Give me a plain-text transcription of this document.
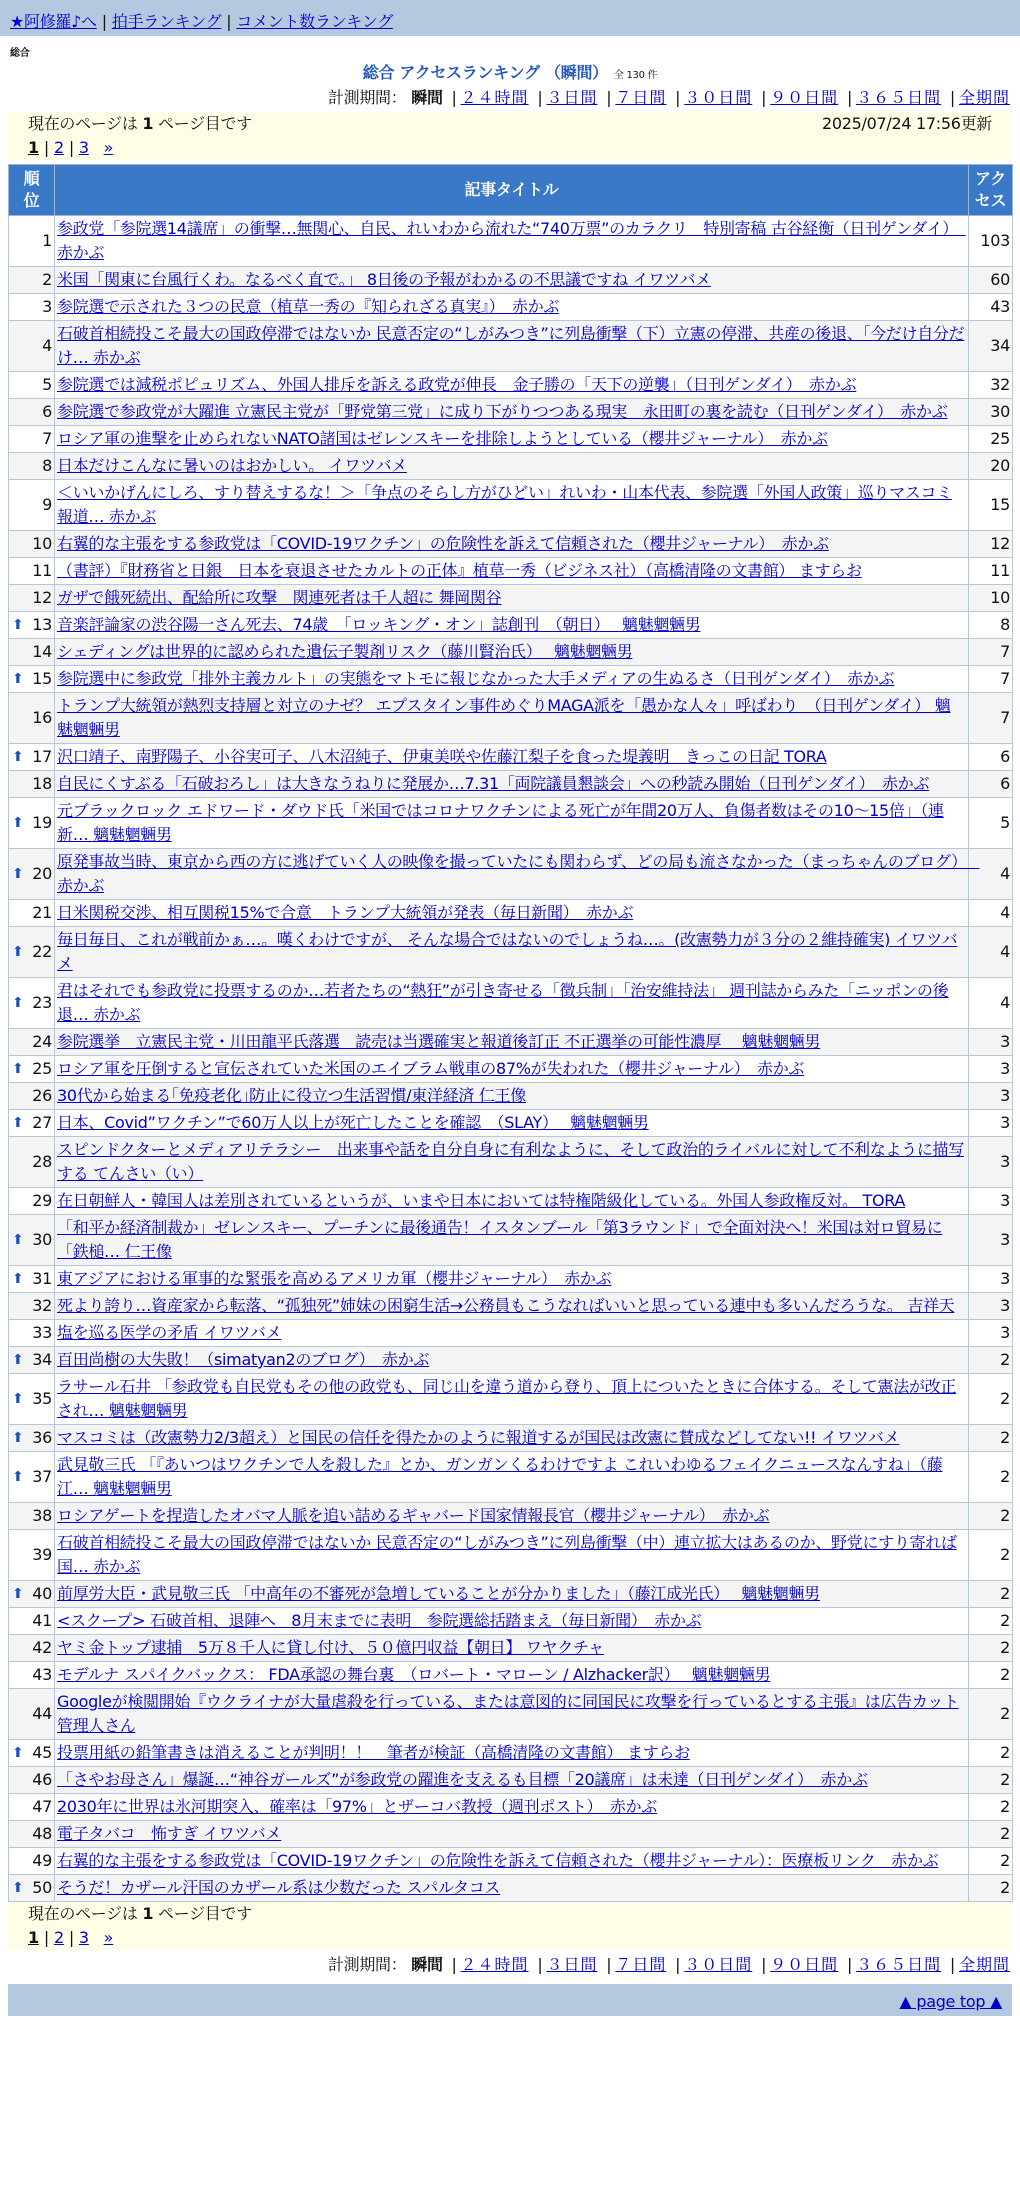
★阿修羅♪へ | 拍手ランキング | コメント数ランキング
総合
総合 アクセスランキング （瞬間） 全 130 件
計測期間： 瞬間 | ２４時間 | ３日間 | ７日間 | ３０日間 | ９０日間 | ３６５日間 | 全期間
現在のページは 1 ページ目です	2025/07/24 17:56更新
1 | 2 | 3 »
順位	記事タイトル	アクセス

1	参政党「参院選14議席」の衝撃…無関心、自民、れいわから流れた“740万票”のカラクリ　特別寄稿 古谷経衡（日刊ゲンダイ）　赤かぶ	103
2	米国「関東に台風行くわ。なるべく直で。」 8日後の予報がわかるの不思議ですね イワツバメ	60
3	参院選で示された３つの民意（植草一秀の『知られざる真実』）　赤かぶ	43
4	石破首相続投こそ最大の国政停滞ではないか 民意否定の“しがみつき”に列島衝撃（下）立憲の停滞、共産の後退、「今だけ自分だけ… 赤かぶ	34
5	参院選では減税ポピュリズム、外国人排斥を訴える政党が伸長　金子勝の「天下の逆襲」（日刊ゲンダイ）　赤かぶ	32
6	参院選で参政党が大躍進 立憲民主党が「野党第三党」に成り下がりつつある現実　永田町の裏を読む（日刊ゲンダイ）　赤かぶ	30
7	ロシア軍の進撃を止められないNATO諸国はゼレンスキーを排除しようとしている（櫻井ジャーナル）　赤かぶ	25
8	日本だけこんなに暑いのはおかしい。 イワツバメ	20
9	＜いいかげんにしろ、すり替えするな！＞「争点のそらし方がひどい」れいわ・山本代表、参院選「外国人政策」巡りマスコミ報道… 赤かぶ	15
10	右翼的な主張をする参政党は「COVID-19ワクチン」の危険性を訴えて信頼された（櫻井ジャーナル）　赤かぶ	12
11	（書評）『財務省と日銀　日本を衰退させたカルトの正体』植草一秀（ビジネス社）（高橋清隆の文書館） ますらお	11
12	ガザで餓死続出、配給所に攻撃　関連死者は千人超に 舞岡関谷	10

⬆ 13	音楽評論家の渋谷陽一さん死去、74歳　「ロッキング・オン」誌創刊　（朝日）　 魑魅魍魎男	8
14	シェディングは世界的に認められた遺伝子製剤リスク（藤川賢治氏）　 魑魅魍魎男	7

⬆ 15	参院選中に参政党「排外主義カルト」の実態をマトモに報じなかった大手メディアの生ぬるさ（日刊ゲンダイ）　赤かぶ	7
16	トランプ大統領が熱烈支持層と対立のナゼ？ エプスタイン事件めぐりMAGA派を「愚かな人々」呼ばわり　（日刊ゲンダイ） 魑魅魍魎男	7

⬆ 17	沢口靖子、南野陽子、小谷実可子、八木沼純子、伊東美咲や佐藤江梨子を食った堤義明　きっこの日記 TORA	6
18	自民にくすぶる「石破おろし」は大きなうねりに発展か…7.31「両院議員懇談会」への秒読み開始（日刊ゲンダイ）　赤かぶ	6

⬆ 19	元ブラックロック エドワード・ダウド氏「米国ではコロナワクチンによる死亡が年間20万人、負傷者数はその10～15倍」（連新… 魑魅魍魎男	5

⬆ 20	原発事故当時、東京から西の方に逃げていく人の映像を撮っていたにも関わらず、どの局も流さなかった（まっちゃんのブログ）　 赤かぶ	4
21	日米関税交渉、相互関税15%で合意　トランプ大統領が発表（毎日新聞）　赤かぶ	4

⬆ 22	毎日毎日、これが戦前かぁ…。嘆くわけですが、 そんな場合ではないのでしょうね…。(改憲勢力が３分の２維持確実) イワツバメ	4

⬆ 23	君はそれでも参政党に投票するのか…若者たちの“熱狂”が引き寄せる「徴兵制」「治安維持法」 週刊誌からみた「ニッポンの後退… 赤かぶ	4
24	参院選挙　立憲民主党・川田龍平氏落選　読売は当選確実と報道後訂正 不正選挙の可能性濃厚　 魑魅魍魎男	3

⬆ 25	ロシア軍を圧倒すると宣伝されていた米国のエイブラム戦車の87%が失われた（櫻井ジャーナル）　赤かぶ	3
26	30代から始まる｢免疫老化｣防止に役立つ生活習慣/東洋経済 仁王像	3

⬆ 27	日本、Covid”ワクチン”で60万人以上が死亡したことを確認　（SLAY）　 魑魅魍魎男	3
28	スピンドクターとメディアリテラシー　出来事や話を自分自身に有利なように、そして政治的ライバルに対して不利なように描写する てんさい（い）	3
29	在日朝鮮人・韓国人は差別されているというが、いまや日本においては特権階級化している。外国人参政権反対。 TORA	3

⬆ 30	「和平か経済制裁か」ゼレンスキー、プーチンに最後通告！イスタンブール「第3ラウンド」で全面対決へ！米国は対ロ貿易に「鉄槌… 仁王像	3

⬆ 31	東アジアにおける軍事的な緊張を高めるアメリカ軍（櫻井ジャーナル）　赤かぶ	3
32	死より誇り…資産家から転落、“孤独死”姉妹の困窮生活→公務員もこうなればいいと思っている連中も多いんだろうな。 吉祥天	3
33	塩を巡る医学の矛盾 イワツバメ	3

⬆ 34	百田尚樹の大失敗！（simatyan2のブログ）　赤かぶ	2

⬆ 35	ラサール石井 「参政党も自民党もその他の政党も、同じ山を違う道から登り、頂上についたときに合体する。そして憲法が改正され… 魑魅魍魎男	2

⬆ 36	マスコミは（改憲勢力2/3超え）と国民の信任を得たかのように報道するが国民は改憲に賛成などしてない!! イワツバメ	2

⬆ 37	武見敬三氏 「『あいつはワクチンで人を殺した』とか、ガンガンくるわけですよ これいわゆるフェイクニュースなんすね」（藤江… 魑魅魍魎男	2
38	ロシアゲートを捏造したオバマ人脈を追い詰めるギャバード国家情報長官（櫻井ジャーナル）　赤かぶ	2
39	石破首相続投こそ最大の国政停滞ではないか 民意否定の“しがみつき”に列島衝撃（中）連立拡大はあるのか、野党にすり寄れば国… 赤かぶ	2

⬆ 40	前厚労大臣・武見敬三氏 「中高年の不審死が急増していることが分かりました」（藤江成光氏）　 魑魅魍魎男	2
41	<スクープ> 石破首相、退陣へ　8月末までに表明　参院選総括踏まえ（毎日新聞）　赤かぶ	2
42	ヤミ金トップ逮捕　5万８千人に貸し付け、５０億円収益【朝日】 ワヤクチャ	2
43	モデルナ スパイクバックス： FDA承認の舞台裏　（ロバート・マローン / Alzhacker訳）　 魑魅魍魎男	2
44	Googleが検閲開始『ウクライナが大量虐殺を行っている、または意図的に同国民に攻撃を行っているとする主張』は広告カット 管理人さん	2

⬆ 45	投票用紙の鉛筆書きは消えることが判明！！　筆者が検証（高橋清隆の文書館） ますらお	2
46	「さやお母さん」爆誕…“神谷ガールズ”が参政党の躍進を支えるも目標「20議席」は未達（日刊ゲンダイ）　赤かぶ	2
47	2030年に世界は氷河期突入、確率は「97%」とザーコバ教授（週刊ポスト）　赤かぶ	2
48	電子タバコ　怖すぎ イワツバメ	2
49	右翼的な主張をする参政党は「COVID-19ワクチン」の危険性を訴えて信頼された（櫻井ジャーナル）：医療板リンク　赤かぶ	2

⬆ 50	そうだ！カザール汗国のカザール系は少数だった スパルタコス	2
現在のページは 1 ページ目です
1 | 2 | 3 »
計測期間： 瞬間 | ２４時間 | ３日間 | ７日間 | ３０日間 | ９０日間 | ３６５日間 | 全期間
▲ page top ▲
